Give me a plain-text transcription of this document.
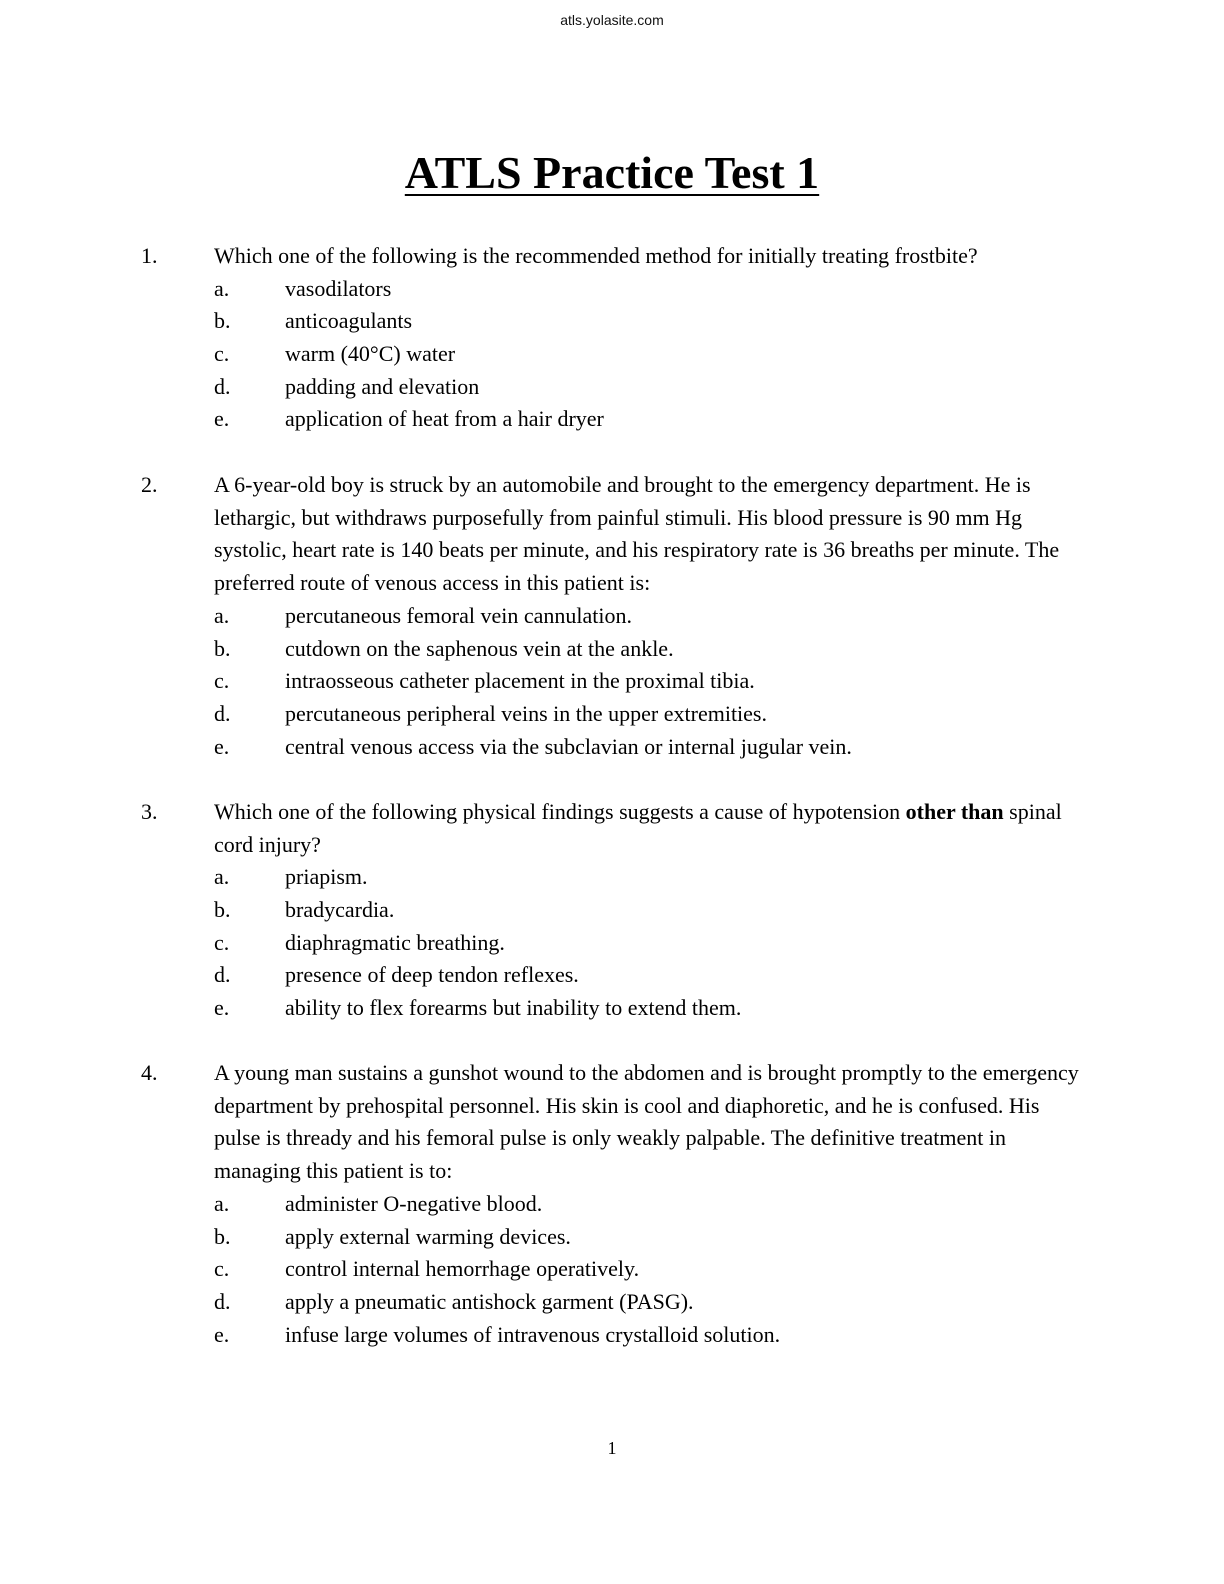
atls.yolasite.com
ATLS Practice Test 1
1.	Which one of the following is the recommended method for initially treating frostbite?
a.	vasodilators
b. anticoagulants
c.	warm (40°C) water
d. padding and elevation
e.	application of heat from a hair dryer
2.	A 6-year-old boy is struck by an automobile and brought to the emergency department. He is lethargic, but withdraws purposefully from painful stimuli. His blood pressure is 90 mm Hg systolic, heart rate is 140 beats per minute, and his respiratory rate is 36 breaths per minute. The preferred route of venous access in this patient is:
a.	percutaneous femoral vein cannulation.
b. cutdown on the saphenous vein at the ankle.
c.	intraosseous catheter placement in the proximal tibia.
d. percutaneous peripheral veins in the upper extremities.
e.	central venous access via the subclavian or internal jugular vein.
3.	Which one of the following physical findings suggests a cause of hypotension other than spinal cord injury?
a.	priapism.
b. bradycardia.
c.	diaphragmatic breathing.
d. presence of deep tendon reflexes.
e.	ability to flex forearms but inability to extend them.
4.	A young man sustains a gunshot wound to the abdomen and is brought promptly to the emergency department by prehospital personnel. His skin is cool and diaphoretic, and he is confused. His pulse is thready and his femoral pulse is only weakly palpable. The definitive treatment in managing this patient is to:
a.	administer O-negative blood.
b. apply external warming devices.
c.	control internal hemorrhage operatively.
d. apply a pneumatic antishock garment (PASG).
e.	infuse large volumes of intravenous crystalloid solution.
1
